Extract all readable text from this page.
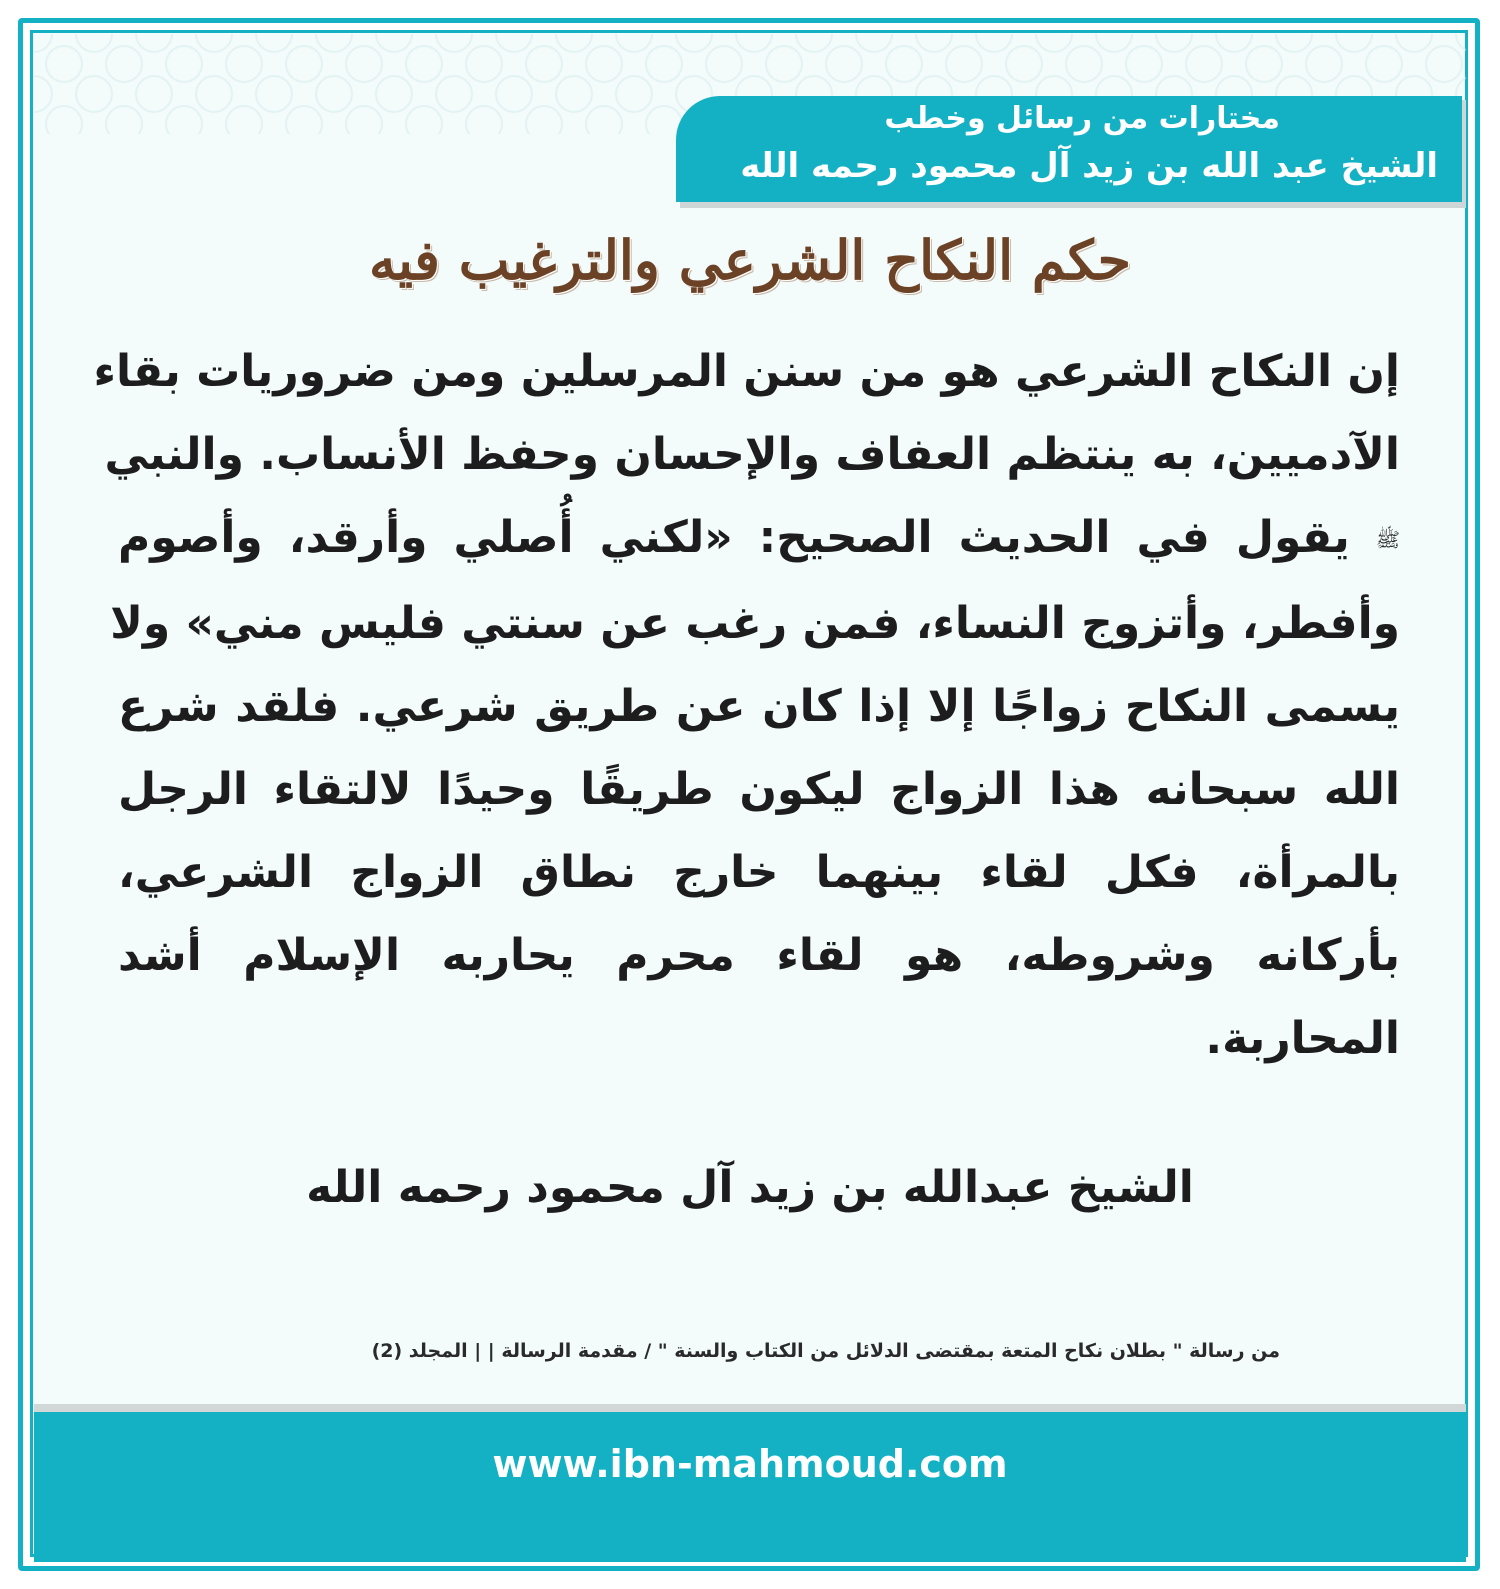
مختارات من رسائل وخطب
الشيخ عبد الله بن زيد آل محمود رحمه الله
حكم النكاح الشرعي والترغيب فيه
إن النكاح الشرعي هو من سنن المرسلين ومن ضروريات بقاء
الآدميين، به ينتظم العفاف والإحسان وحفظ الأنساب. والنبي
ﷺ يقول في الحديث الصحيح: «لكني أُصلي وأرقد، وأصوم
وأفطر، وأتزوج النساء، فمن رغب عن سنتي فليس مني» ولا
يسمى النكاح زواجًا إلا إذا كان عن طريق شرعي. فلقد شرع
الله سبحانه هذا الزواج ليكون طريقًا وحيدًا لالتقاء الرجل
بالمرأة، فكل لقاء بينهما خارج نطاق الزواج الشرعي،
بأركانه وشروطه، هو لقاء محرم يحاربه الإسلام أشد
المحاربة.
الشيخ عبدالله بن زيد آل محمود رحمه الله
من رسالة " بطلان نكاح المتعة بمقتضى الدلائل من الكتاب والسنة " / مقدمة الرسالة | | المجلد (2)
www.ibn-mahmoud.com
